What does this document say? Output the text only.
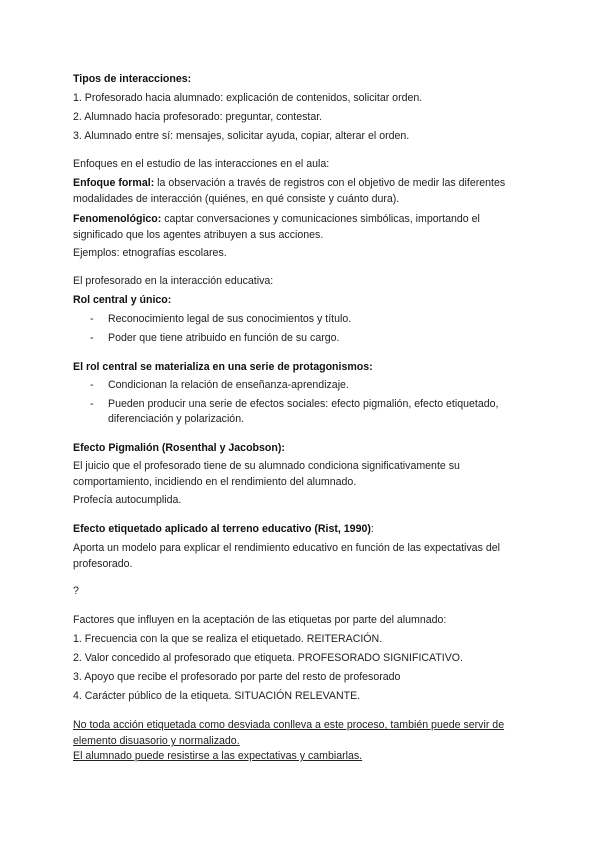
Tipos de interacciones:

1. Profesorado hacia alumnado: explicación de contenidos, solicitar orden.

2. Alumnado hacia profesorado: preguntar, contestar.

3. Alumnado entre sí: mensajes, solicitar ayuda, copiar, alterar el orden.

Enfoques en el estudio de las interacciones en el aula:

Enfoque formal: la observación a través de registros con el objetivo de medir las diferentes

modalidades de interacción (quiénes, en qué consiste y cuánto dura).

Fenomenológico: captar conversaciones y comunicaciones simbólicas, importando el

significado que los agentes atribuyen a sus acciones.

Ejemplos: etnografías escolares.

El profesorado en la interacción educativa:

Rol central y único:

- Reconocimiento legal de sus conocimientos y título.

- Poder que tiene atribuido en función de su cargo.

El rol central se materializa en una serie de protagonismos:

- Condicionan la relación de enseñanza-aprendizaje.

- Pueden producir una serie de efectos sociales: efecto pigmalión, efecto etiquetado,

diferenciación y polarización.

Efecto Pigmalión (Rosenthal y Jacobson):

El juicio que el profesorado tiene de su alumnado condiciona significativamente su

comportamiento, incidiendo en el rendimiento del alumnado.

Profecía autocumplida.

Efecto etiquetado aplicado al terreno educativo (Rist, 1990):

Aporta un modelo para explicar el rendimiento educativo en función de las expectativas del

profesorado.

?

Factores que influyen en la aceptación de las etiquetas por parte del alumnado:

1. Frecuencia con la que se realiza el etiquetado. REITERACIÓN.

2. Valor concedido al profesorado que etiqueta. PROFESORADO SIGNIFICATIVO.

3. Apoyo que recibe el profesorado por parte del resto de profesorado

4. Carácter público de la etiqueta. SITUACIÓN RELEVANTE.

No toda acción etiquetada como desviada conlleva a este proceso, también puede servir de

elemento disuasorio y normalizado.

El alumnado puede resistirse a las expectativas y cambiarlas.
